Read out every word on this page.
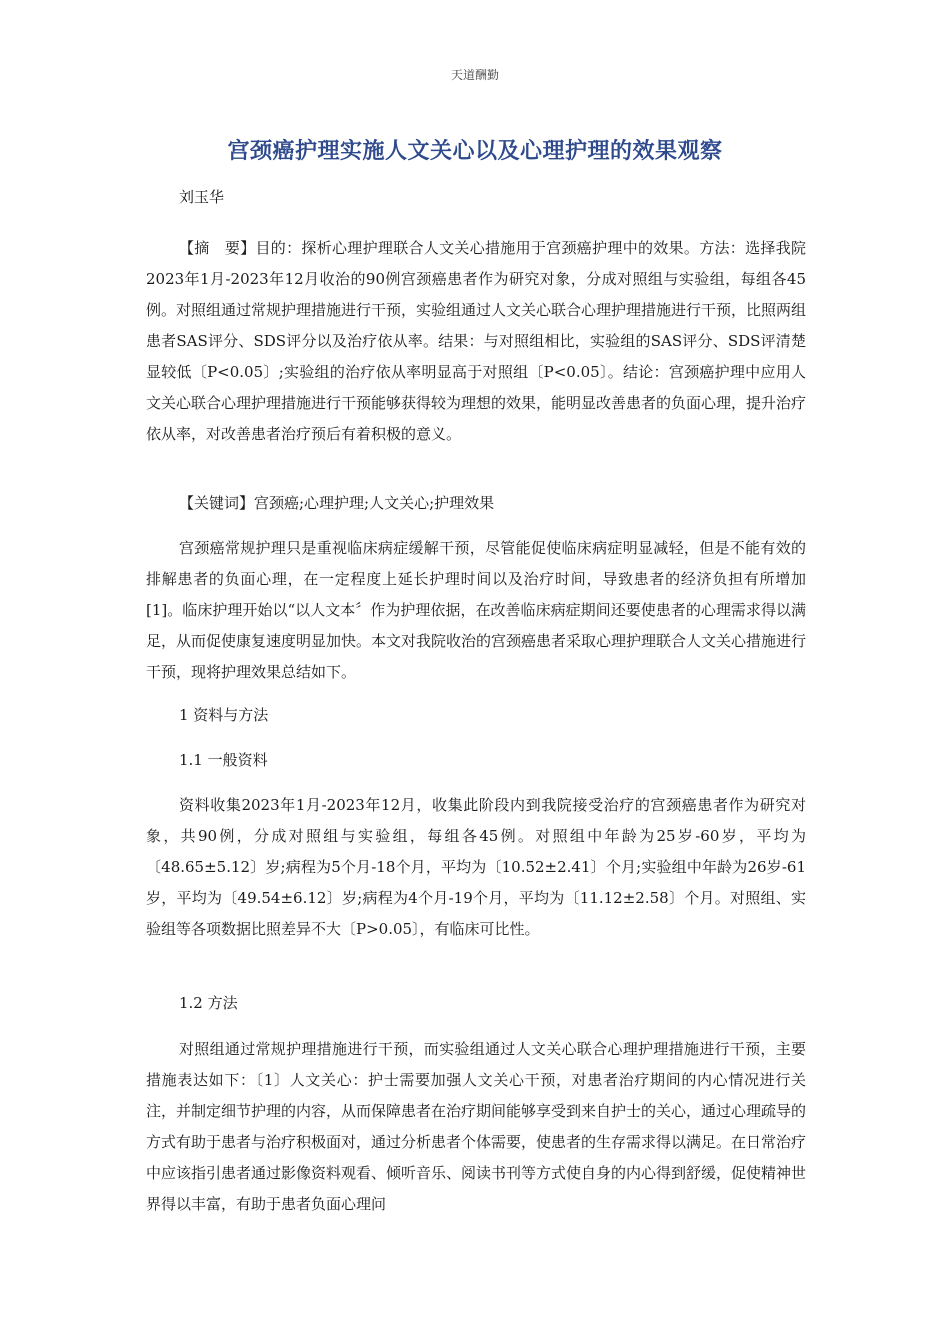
天道酬勤
宫颈癌护理实施人文关心以及心理护理的效果观察
刘玉华

【摘　要】目的：探析心理护理联合人文关心措施用于宫颈癌护理中的效果。方法：选择我院2023年1月-2023年12月收治的90例宫颈癌患者作为研究对象，分成对照组与实验组，每组各45例。对照组通过常规护理措施进行干预，实验组通过人文关心联合心理护理措施进行干预，比照两组患者SAS评分、SDS评分以及治疗依从率。结果：与对照组相比，实验组的SAS评分、SDS评清楚显较低〔P<0.05〕;实验组的治疗依从率明显高于对照组〔P<0.05〕。结论：宫颈癌护理中应用人文关心联合心理护理措施进行干预能够获得较为理想的效果，能明显改善患者的负面心理，提升治疗依从率，对改善患者治疗预后有着积极的意义。

【关键词】宫颈癌;心理护理;人文关心;护理效果

宫颈癌常规护理只是重视临床病症缓解干预，尽管能促使临床病症明显减轻，但是不能有效的排解患者的负面心理，在一定程度上延长护理时间以及治疗时间，导致患者的经济负担有所增加[1]。临床护理开始以“以人文本〞作为护理依据，在改善临床病症期间还要使患者的心理需求得以满足，从而促使康复速度明显加快。本文对我院收治的宫颈癌患者采取心理护理联合人文关心措施进行干预，现将护理效果总结如下。

1 资料与方法

1.1 一般资料

资料收集2023年1月-2023年12月，收集此阶段内到我院接受治疗的宫颈癌患者作为研究对象，共90例，分成对照组与实验组，每组各45例。对照组中年龄为25岁-60岁，平均为〔48.65±5.12〕岁;病程为5个月-18个月，平均为〔10.52±2.41〕个月;实验组中年龄为26岁-61岁，平均为〔49.54±6.12〕岁;病程为4个月-19个月，平均为〔11.12±2.58〕个月。对照组、实验组等各项数据比照差异不大〔P>0.05〕，有临床可比性。

1.2 方法

对照组通过常规护理措施进行干预，而实验组通过人文关心联合心理护理措施进行干预，主要措施表达如下：〔1〕人文关心：护士需要加强人文关心干预，对患者治疗期间的内心情况进行关注，并制定细节护理的内容，从而保障患者在治疗期间能够享受到来自护士的关心，通过心理疏导的方式有助于患者与治疗积极面对，通过分析患者个体需要，使患者的生存需求得以满足。在日常治疗中应该指引患者通过影像资料观看、倾听音乐、阅读书刊等方式使自身的内心得到舒缓，促使精神世界得以丰富，有助于患者负面心理问
